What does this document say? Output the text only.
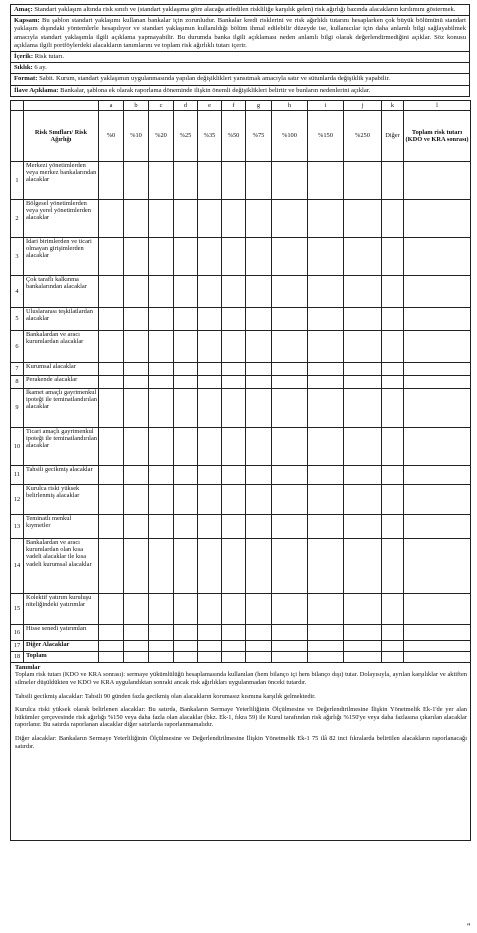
Amaç: Standart yaklaşım altında risk sınıfı ve (standart yaklaşıma göre alacağa atfedilen riskliliğe karşılık gelen) risk ağırlığı bazında alacakların kırılımını göstermek.
Kapsam: Bu şablon standart yaklaşımı kullanan bankalar için zorunludur. Bankalar kredi risklerini ve risk ağırlıklı tutarını hesaplarken çok büyük bölümünü standart yaklaşım dışındaki yöntemlerle hesapılıyor ve standart yaklaşımın kullanıldığı bölüm ihmal edilebilir düzeyde ise, kullanıcılar için daha anlamlı bilgi sağlayabilmek amacıyla standart yaklaşımla ilgili açıklama yapmayabilir. Bu durumda banka ilgili açıklaması neden anlamlı bilgi olarak değerlendirmediğini açıklar. Söz konusu açıklama ilgili portföylerdeki alacakların tanımlarını ve toplam risk ağırlıklı tutarı içerir.
İçerik: Risk tutarı.
Sıklık: 6 ay.
Format: Sabit. Kurum, standart yaklaşımın uygulanmasında yapılan değişiklikleri yansıtmak amacıyla satır ve sütunlarda değişiklik yapabilir.
İlave Açıklama: Bankalar, şablona ek olarak raporlama döneminde ilişkin önemli değişiklikleri belirtir ve bunların nedenlerini açıklar.
		a	b	c	d	e	f	g	h	i	j	k	l
	Risk Sınıfları/ Risk Ağırlığı	%0	%10	%20	%25	%35	%50	%75	%100	%150	%250	Diğer	Toplam risk tutarı (KDO ve KRA sonrası)
1	Merkezi yönetimlerden veya merkez bankalarından alacaklar												
2	Bölgesel yönetimlerden veya yerel yönetimlerden alacaklar												
3	İdari birimlerden ve ticari olmayan girişimlerden alacaklar												
4	Çok taraflı kalkınma bankalarından alacaklar												
5	Uluslararası teşkilatlardan alacaklar												
6	Bankalardan ve aracı kurumlardan alacaklar												
7	Kurumsal alacaklar												
8	Perakende alacaklar												
9	İkamet amaçlı gayrimenkul ipoteği ile teminatlandırılan alacaklar												
10	Ticari amaçlı gayrimenkul ipoteği ile teminatlandırılan alacaklar												
11	Tahsili gecikmiş alacaklar												
12	Kurulca riski yüksek belirlenmiş alacaklar												
13	Teminatlı menkul kıymetler												
14	Bankalardan ve aracı kurumlardan olan kısa vadeli alacaklar ile kısa vadeli kurumsal alacaklar												
15	Kolektif yatırım kuruluşu niteliğindeki yatırımlar												
16	Hisse senedi yatırımları												
17	Diğer Alacaklar												
18	Toplam												
Tanımlar

Toplam risk tutarı (KDO ve KRA sonrası): sermaye yükümlülüğü hesaplamasında kullanılan (hem bilanço içi hem bilanço dışı) tutar. Dolayısıyla, ayrılan karşılıklar ve aktiften silmeler düşüldükten ve KDO ve KRA uygulandıktan sonraki ancak risk ağırlıkları uygulanmadan önceki tutardır.

Tahsili gecikmiş alacaklar: Tahsili 90 günden fazla gecikmiş olan alacakların korumasız kısmına karşılık gelmektedir.

Kurulca riski yüksek olarak belirlenen alacaklar: Bu satırda, Bankaların Sermaye Yeterliliğinin Ölçülmesine ve Değerlendirilmesine İlişkin Yönetmelik Ek-1'de yer alan hükümler çerçevesinde risk ağırlığı %150 veya daha fazla olan alacaklar (bkz. Ek-1, fıkra 59) ile Kurul tarafından risk ağırlığı %150'ye veya daha fazlasına çıkarılan alacaklar raporlanır. Bu satırda raporlanan alacaklar diğer satırlarda raporlanmamalıdır.

Diğer alacaklar: Bankaların Sermaye Yeterliliğinin Ölçülmesine ve Değerlendirilmesine İlişkin Yönetmelik Ek-1 75 ilâ 82 inci fıkralarda belirtilen alacakların raporlanacağı satırdır.

"
